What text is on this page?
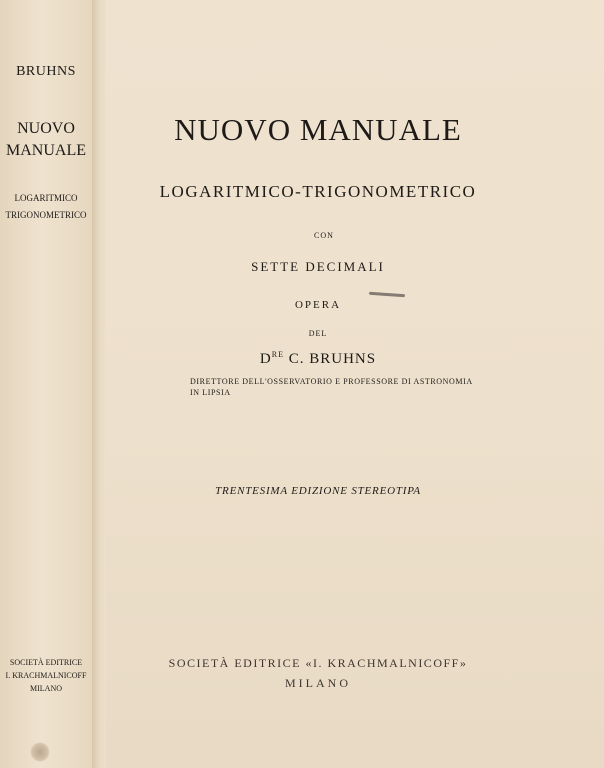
BRUHNS
NUOVO
MANUALE
LOGARITMICO
TRIGONOMETRICO
SOCIETÀ EDITRICE
I. KRACHMALNICOFF
MILANO
NUOVO MANUALE
LOGARITMICO-TRIGONOMETRICO
CON
SETTE DECIMALI
OPERA
DEL
DRE C. BRUHNS
DIRETTORE DELL'OSSERVATORIO E PROFESSORE DI ASTRONOMIA
IN LIPSIA
TRENTESIMA EDIZIONE STEREOTIPA
SOCIETÀ EDITRICE «I. KRACHMALNICOFF»
MILANO
